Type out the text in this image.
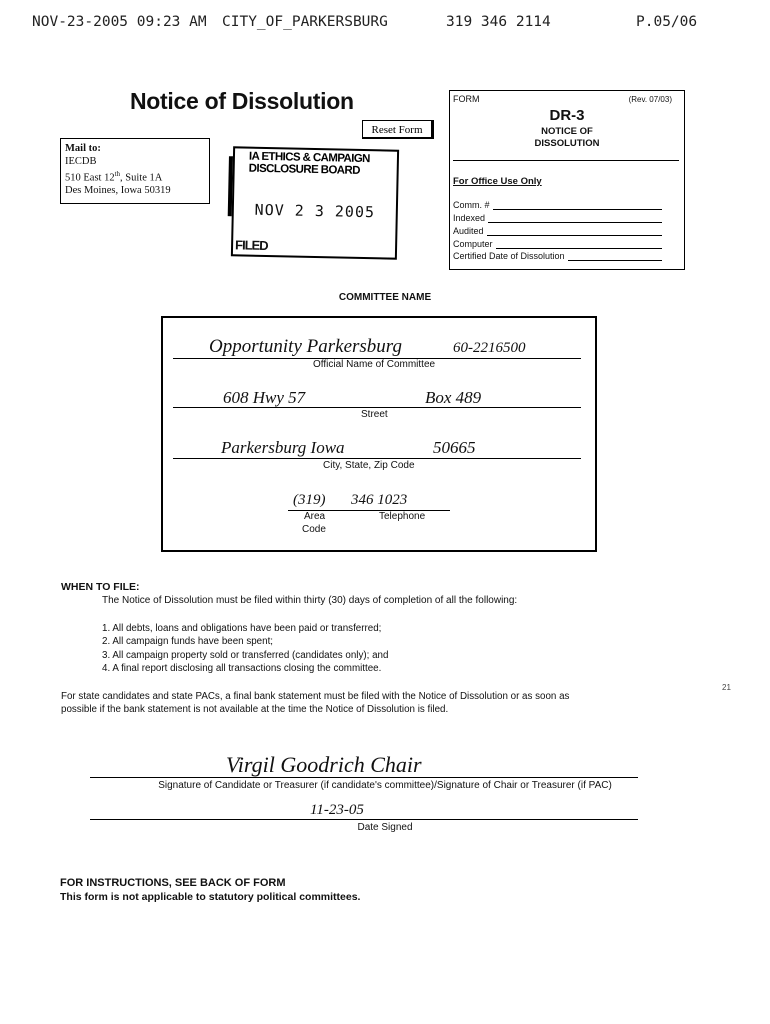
NOV-23-2005 09:23 AM CITY_OF_PARKERSBURG	319 346 2114	P.05/06
Notice of Dissolution
Reset Form
Mail to:
IECDB
510 East 12th, Suite 1A
Des Moines, Iowa 50319
IA ETHICS & CAMPAIGN
DISCLOSURE BOARD
NOV 2 3 2005
FILED
FORM	(Rev. 07/03)
DR-3
NOTICE OF
DISSOLUTION
For Office Use Only
Comm. #
Indexed
Audited
Computer
Certified Date of Dissolution
COMMITTEE NAME
Opportunity Parkersburg	60-2216500
Official Name of Committee
608 Hwy 57	Box 489
Street
Parkersburg Iowa	50665
City, State, Zip Code
(319) 346 1023
Area
Code
Telephone
WHEN TO FILE:
The Notice of Dissolution must be filed within thirty (30) days of completion of all the following:
1. All debts, loans and obligations have been paid or transferred;
2. All campaign funds have been spent;
3. All campaign property sold or transferred (candidates only); and
4. A final report disclosing all transactions closing the committee.
For state candidates and state PACs, a final bank statement must be filed with the Notice of Dissolution or as soon as
possible if the bank statement is not available at the time the Notice of Dissolution is filed.
21
Virgil Goodrich Chair
Signature of Candidate or Treasurer (if candidate's committee)/Signature of Chair or Treasurer (if PAC)
11-23-05
Date Signed
FOR INSTRUCTIONS, SEE BACK OF FORM
This form is not applicable to statutory political committees.
